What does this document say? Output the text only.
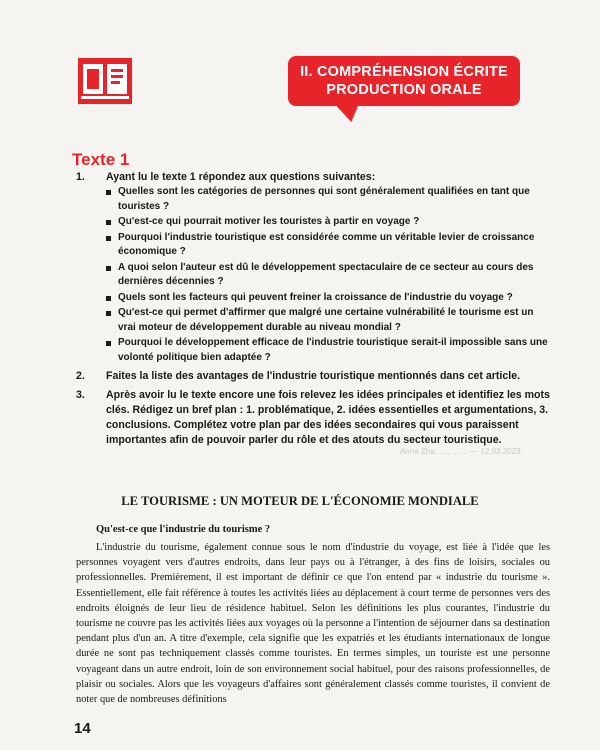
II. COMPRÉHENSION ÉCRITE
PRODUCTION ORALE
Texte 1
1. Ayant lu le texte 1 répondez aux questions suivantes:
Quelles sont les catégories de personnes qui sont généralement qualifiées en tant que touristes ?
Qu'est-ce qui pourrait motiver les touristes à partir en voyage ?
Pourquoi l'industrie touristique est considérée comme un véritable levier de croissance économique ?
A quoi selon l'auteur est dû le développement spectaculaire de ce secteur au cours des dernières décennies ?
Quels sont les facteurs qui peuvent freiner la croissance de l'industrie du voyage ?
Qu'est-ce qui permet d'affirmer que malgré une certaine vulnérabilité le tourisme est un vrai moteur de développement durable au niveau mondial ?
Pourquoi le développement efficace de l'industrie touristique serait-il impossible sans une volonté politique bien adaptée ?
2. Faites la liste des avantages de l'industrie touristique mentionnés dans cet article.
3. Après avoir lu le texte encore une fois relevez les idées principales et identifiez les mots clés. Rédigez un bref plan : 1. problématique, 2. idées essentielles et argumentations, 3. conclusions. Complétez votre plan par des idées secondaires qui vous paraissent importantes afin de pouvoir parler du rôle et des atouts du secteur touristique.
Anna Zha... ... ... ... — 12.03.2023
LE TOURISME : UN MOTEUR DE L'ÉCONOMIE MONDIALE
Qu'est-ce que l'industrie du tourisme ?

L'industrie du tourisme, également connue sous le nom d'industrie du voyage, est liée à l'idée que les personnes voyagent vers d'autres endroits, dans leur pays ou à l'étranger, à des fins de loisirs, sociales ou professionnelles. Premièrement, il est important de définir ce que l'on entend par « industrie du tourisme ». Essentiellement, elle fait référence à toutes les activités liées au déplacement à court terme de personnes vers des endroits éloignés de leur lieu de résidence habituel. Selon les définitions les plus courantes, l'industrie du tourisme ne couvre pas les activités liées aux voyages où la personne a l'intention de séjourner dans sa destination pendant plus d'un an. A titre d'exemple, cela signifie que les expatriés et les étudiants internationaux de longue durée ne sont pas techniquement classés comme touristes. En termes simples, un touriste est une personne voyageant dans un autre endroit, loin de son environnement social habituel, pour des raisons professionnelles, de plaisir ou sociales. Alors que les voyageurs d'affaires sont généralement classés comme touristes, il convient de noter que de nombreuses définitions

14
